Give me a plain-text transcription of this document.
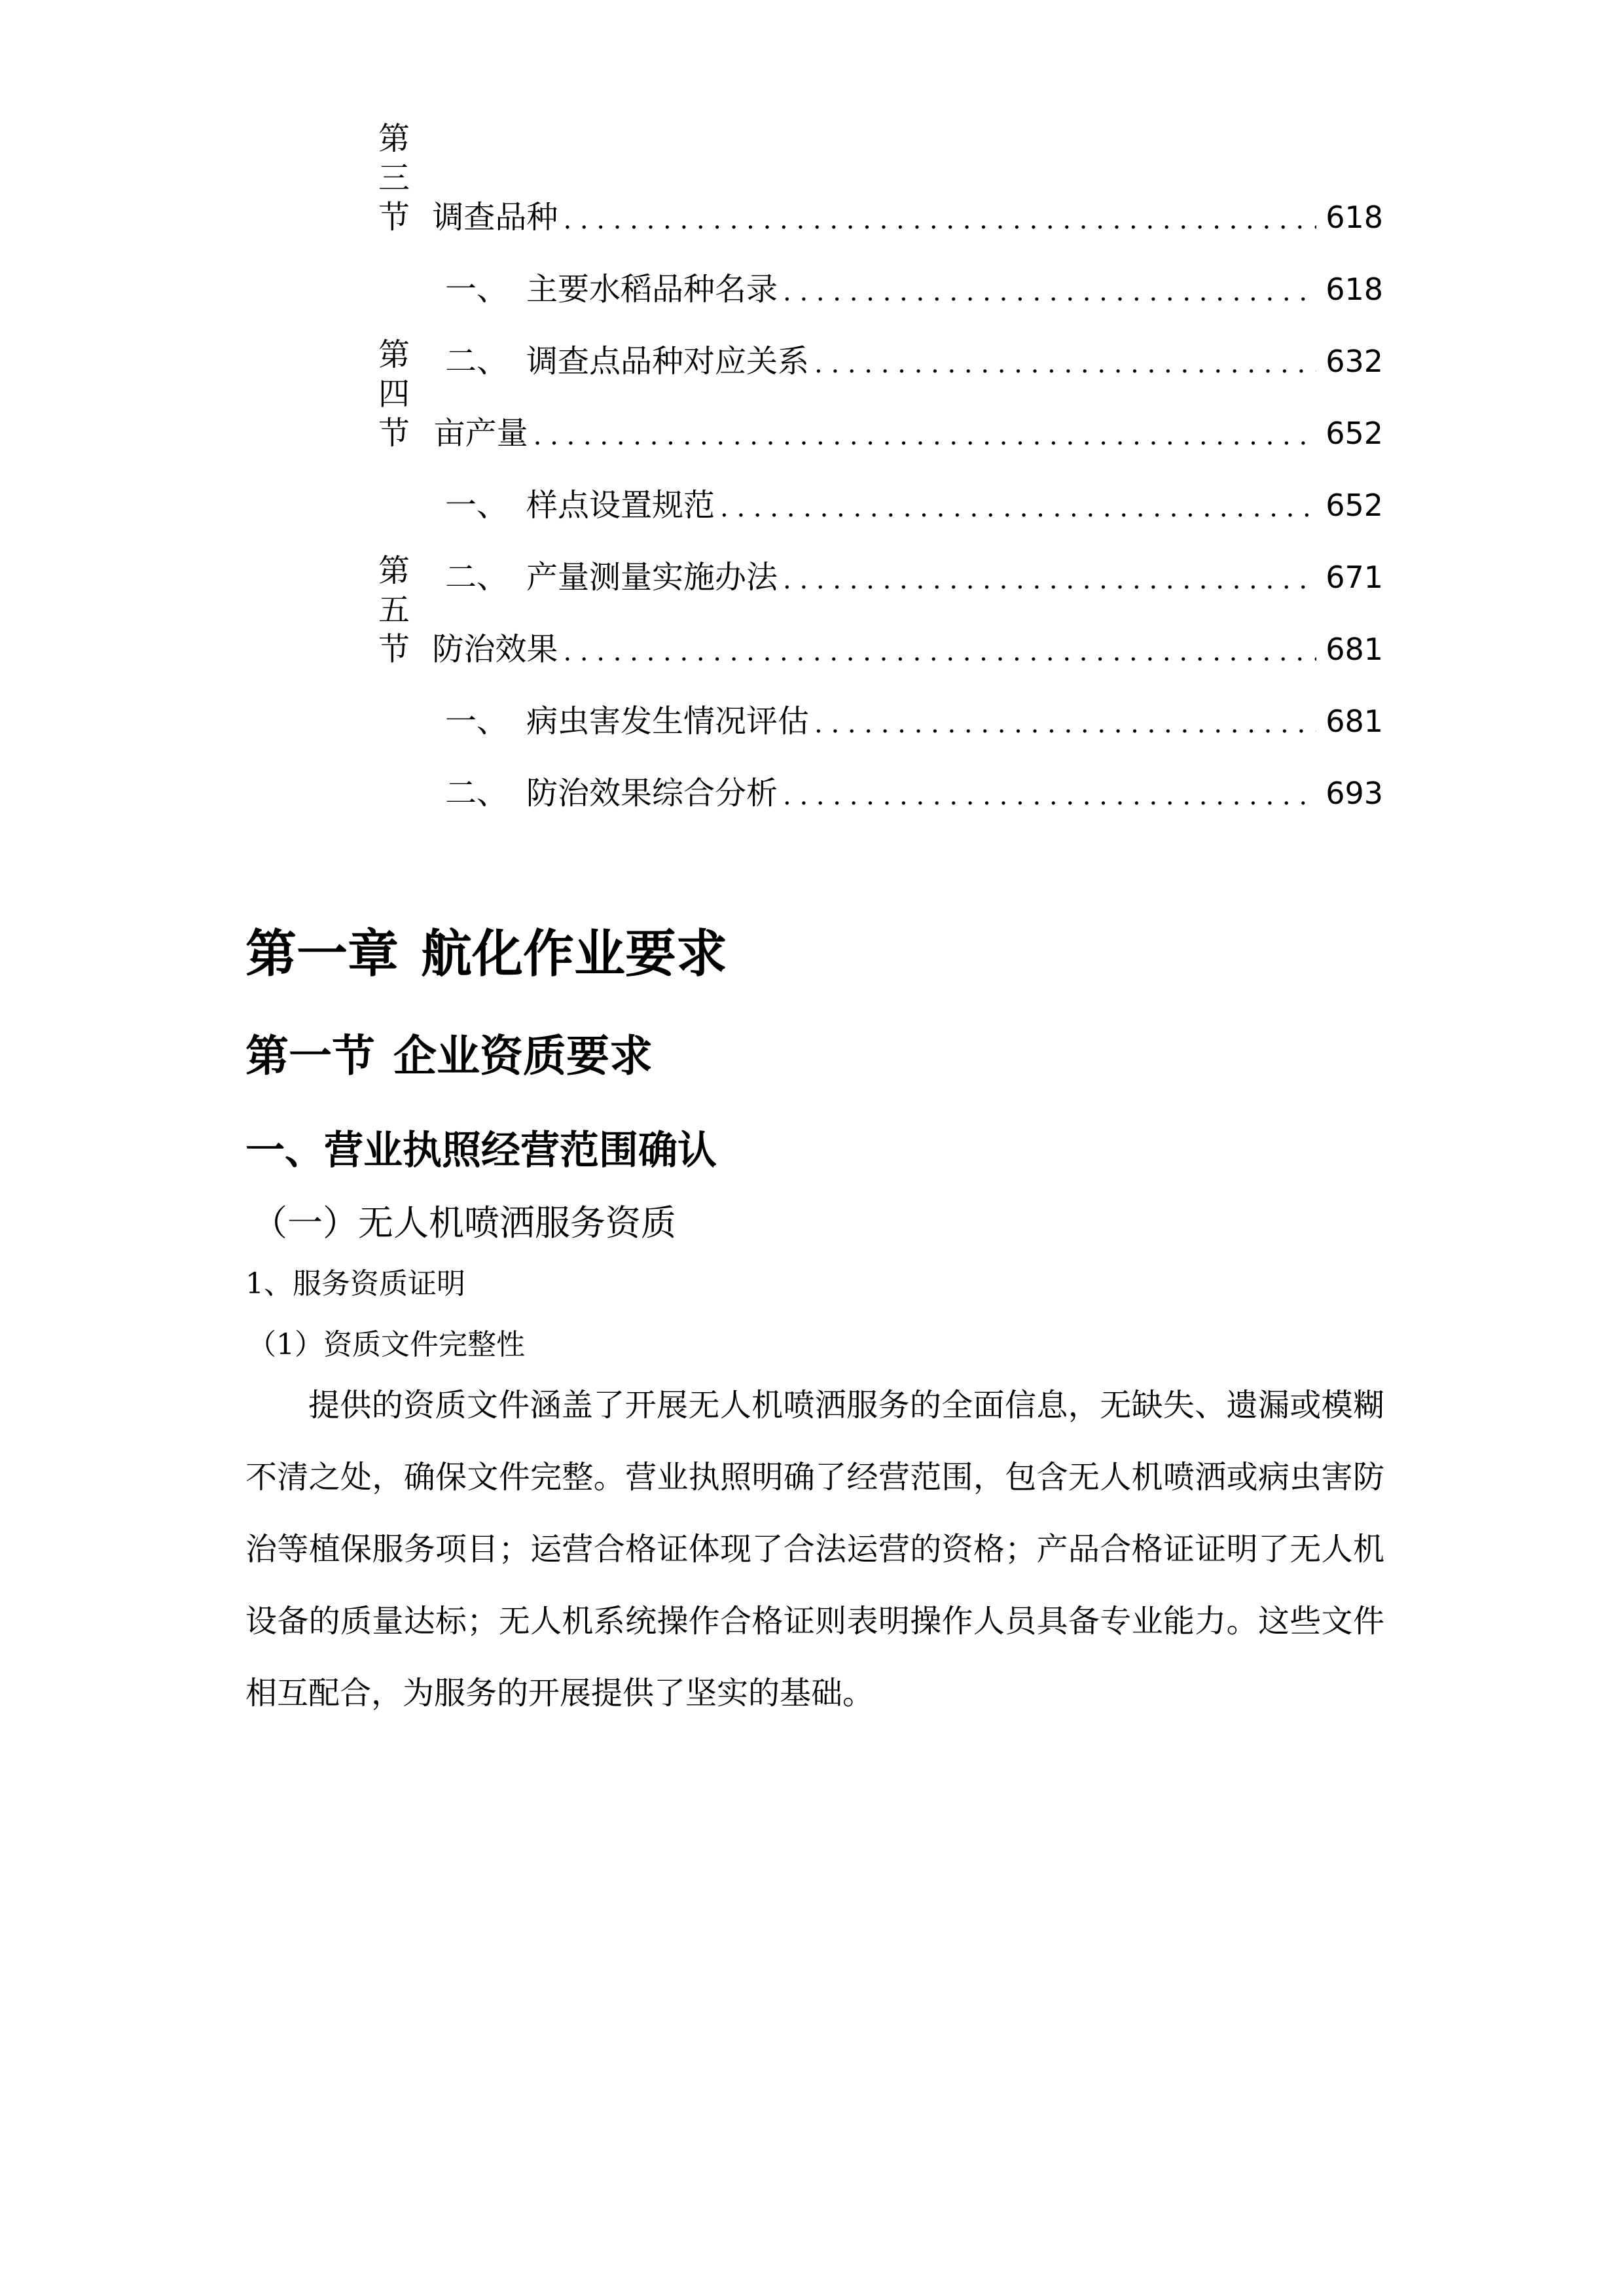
第三节 调查品种 . . .	618
一、 主要水稻品种名录 . . .	618
二、 调查点品种对应关系 . . .	632
第四节 亩产量 . . .	652
一、 样点设置规范 . . .	652
二、 产量测量实施办法 . . .	671
第五节 防治效果 . . .	681
一、 病虫害发生情况评估 . . .	681
二、 防治效果综合分析 . . .	693
第一章 航化作业要求
第一节 企业资质要求
一、营业执照经营范围确认
（一）无人机喷洒服务资质
1、服务资质证明
（1）资质文件完整性

提供的资质文件涵盖了开展无人机喷洒服务的全面信息，无缺失、遗漏或模糊不清之处，确保文件完整。营业执照明确了经营范围，包含无人机喷洒或病虫害防治等植保服务项目；运营合格证体现了合法运营的资格；产品合格证证明了无人机设备的质量达标；无人机系统操作合格证则表明操作人员具备专业能力。这些文件相互配合，为服务的开展提供了坚实的基础。
